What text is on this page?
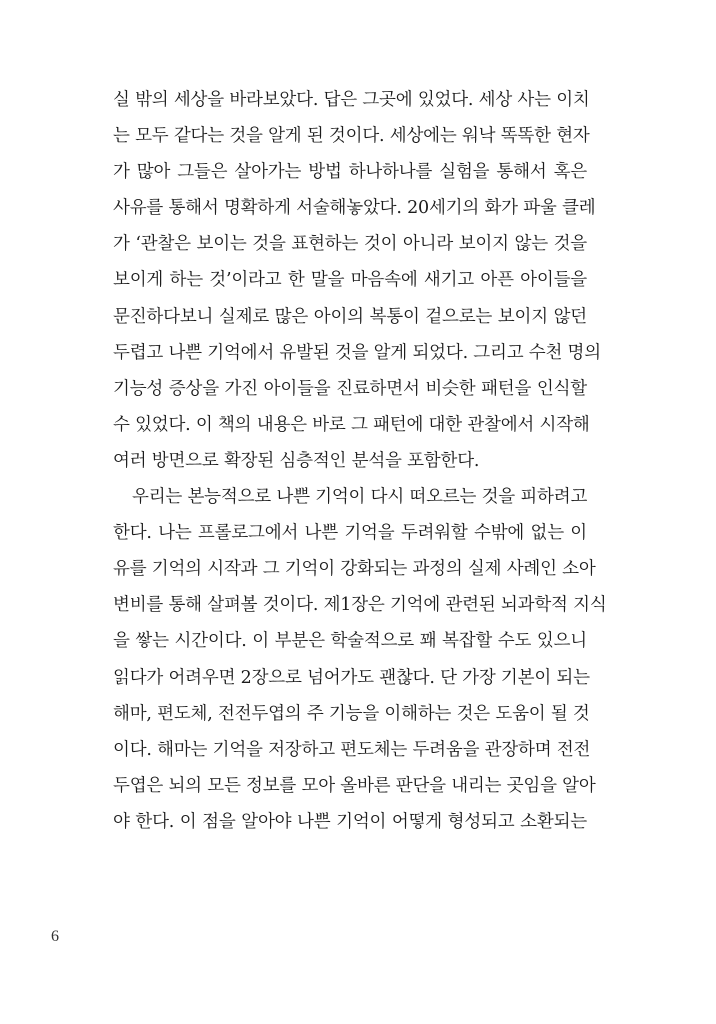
실 밖의 세상을 바라보았다. 답은 그곳에 있었다. 세상 사는 이치
는 모두 같다는 것을 알게 된 것이다. 세상에는 워낙 똑똑한 현자
가 많아 그들은 살아가는 방법 하나하나를 실험을 통해서 혹은
사유를 통해서 명확하게 서술해놓았다. 20세기의 화가 파울 클레
가 ‘관찰은 보이는 것을 표현하는 것이 아니라 보이지 않는 것을
보이게 하는 것’이라고 한 말을 마음속에 새기고 아픈 아이들을
문진하다보니 실제로 많은 아이의 복통이 겉으로는 보이지 않던
두렵고 나쁜 기억에서 유발된 것을 알게 되었다. 그리고 수천 명의
기능성 증상을 가진 아이들을 진료하면서 비슷한 패턴을 인식할
수 있었다. 이 책의 내용은 바로 그 패턴에 대한 관찰에서 시작해
여러 방면으로 확장된 심층적인 분석을 포함한다.
우리는 본능적으로 나쁜 기억이 다시 떠오르는 것을 피하려고
한다. 나는 프롤로그에서 나쁜 기억을 두려워할 수밖에 없는 이
유를 기억의 시작과 그 기억이 강화되는 과정의 실제 사례인 소아
변비를 통해 살펴볼 것이다. 제1장은 기억에 관련된 뇌과학적 지식
을 쌓는 시간이다. 이 부분은 학술적으로 꽤 복잡할 수도 있으니
읽다가 어려우면 2장으로 넘어가도 괜찮다. 단 가장 기본이 되는
해마, 편도체, 전전두엽의 주 기능을 이해하는 것은 도움이 될 것
이다. 해마는 기억을 저장하고 편도체는 두려움을 관장하며 전전
두엽은 뇌의 모든 정보를 모아 올바른 판단을 내리는 곳임을 알아
야 한다. 이 점을 알아야 나쁜 기억이 어떻게 형성되고 소환되는
6
